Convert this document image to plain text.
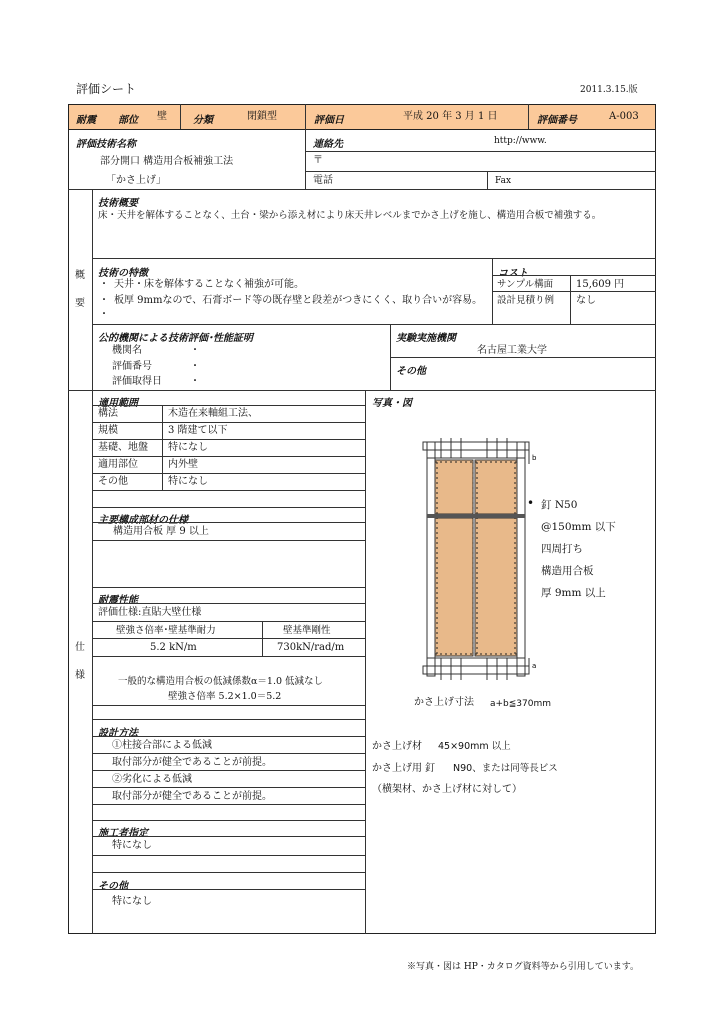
評価シート	2011.3.15.版
耐震 部位 壁	分類	閉鎖型	評価日	平成 20 年 3 月 1 日	評価番号	A-003
評価技術名称
部分開口 構造用合板補強工法
「かさ上げ」
連絡先	http://www.
〒
電話	Fax
概
要
仕
様
技術概要
床・天井を解体することなく、土台・梁から添え材により床天井レベルまでかさ上げを施し、構造用合板で補強する。
技術の特徴
・ 天井・床を解体することなく補強が可能。
・ 板厚 9mmなので、石膏ボード等の既存壁と段差がつきにくく、取り合いが容易。
・
コスト
サンプル構面 15,609 円
設計見積り例 なし
公的機関による技術評価･性能証明
機関名	・
評価番号	・
評価取得日	・
実験実施機関
名古屋工業大学
その他
適用範囲
構法	木造在来軸組工法、
規模	3 階建て以下
基礎、地盤 特になし
適用部位	内外壁
その他	特になし
主要構成部材の仕様
構造用合板 厚 9 以上
耐震性能
評価仕様:直貼大壁仕様
壁強さ倍率･壁基準耐力	壁基準剛性
5.2 kN/m	730kN/rad/m
一般的な構造用合板の低減係数α＝1.0 低減なし
壁強さ倍率 5.2×1.0＝5.2
設計方法
①柱接合部による低減
取付部分が健全であることが前提。
②劣化による低減
取付部分が健全であることが前提。
施工者指定
特になし
その他
特になし
写真・図
b
a
• 釘 N50
@150mm 以下
四周打ち
構造用合板
厚 9mm 以上
かさ上げ寸法 a+b≦370mm
かさ上げ材 45×90mm 以上
かさ上げ用 釘 N90、または同等長ビス
（横架材、かさ上げ材に対して）
※写真・図は HP・カタログ資料等から引用しています。
